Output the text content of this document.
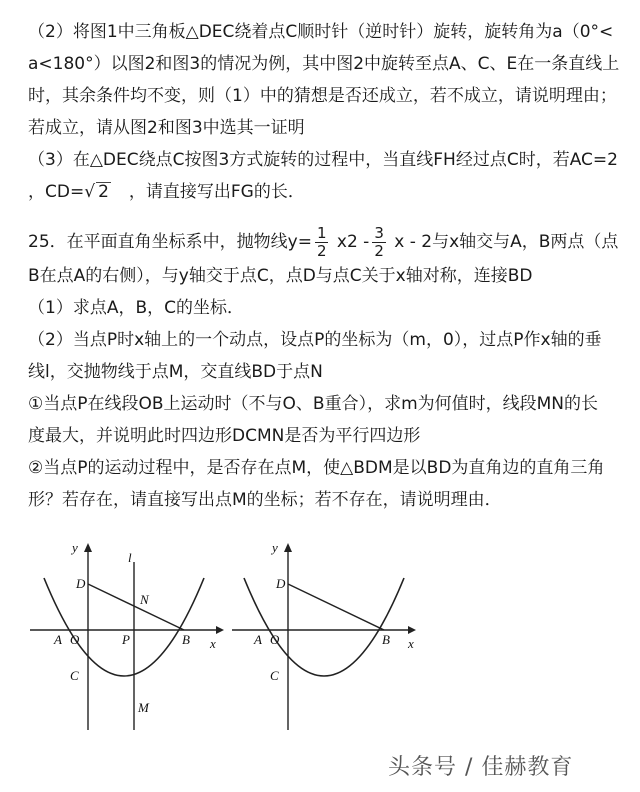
（2）将图1中三角板△DEC绕着点C顺时针（逆时针）旋转，旋转角为a（0°<
a<180°）以图2和图3的情况为例，其中图2中旋转至点A、C、E在一条直线上
时，其余条件均不变，则（1）中的猜想是否还成立，若不成立，请说明理由；
若成立，请从图2和图3中选其一证明
（3）在△DEC绕点C按图3方式旋转的过程中，当直线FH经过点C时，若AC=2
，CD=√ 2 ，请直接写出FG的长．
25．在平面直角坐标系中，抛物线$y= \frac{1}{2} x2 - \frac{3}{2}$ x - 2与x轴交与A，B两点（点
B在点A的右侧），与y轴交于点C，点D与点C关于x轴对称，连接BD
（1）求点A，B，C的坐标．
（2）当点P时x轴上的一个动点，设点P的坐标为（m，0），过点P作x轴的垂
线l，交抛物线于点M，交直线BD于点N
①当点P在线段OB上运动时（不与O、B重合），求m为何值时，线段MN的长
度最大，并说明此时四边形DCMN是否为平行四边形
②当点P的运动过程中，是否存在点M，使△BDM是以BD为直角边的直角三角
形？若存在，请直接写出点M的坐标；若不存在，请说明理由．
y
x
D
N
l
A O	P	B
C
M
y
x
D
A O	B
C
头条号 / 佳赫教育
